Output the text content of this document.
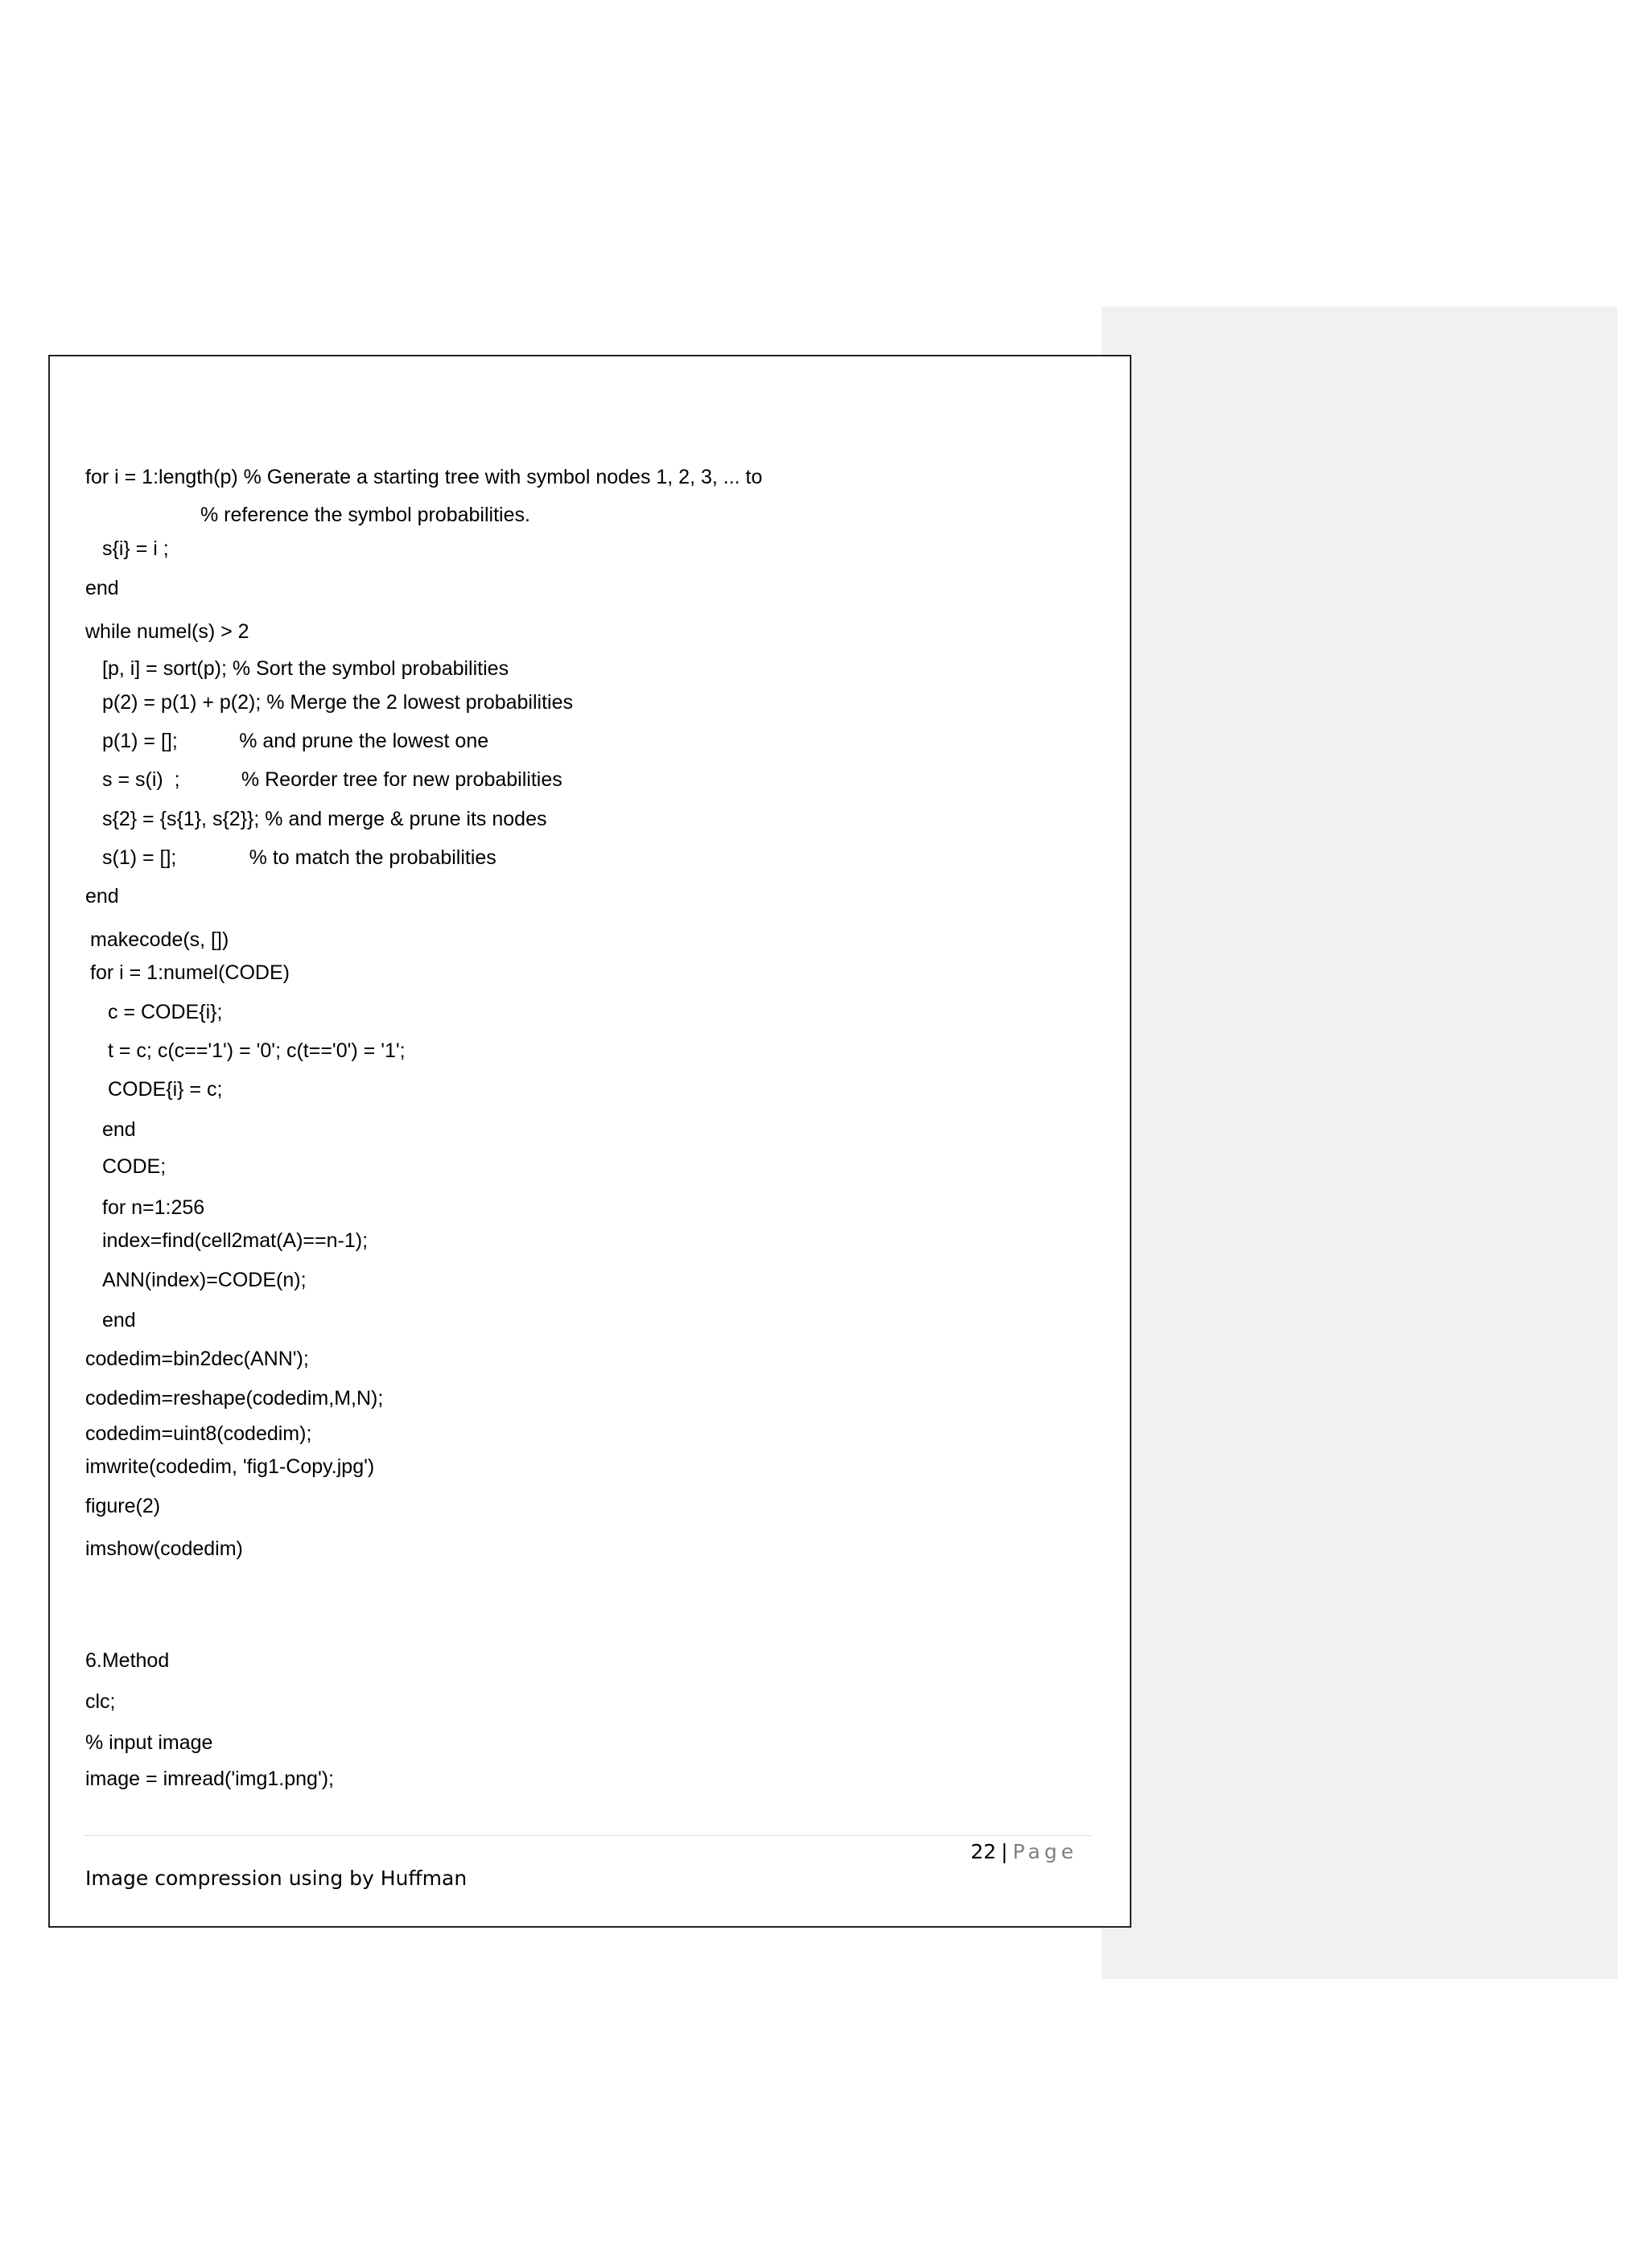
for i = 1:length(p) % Generate a starting tree with symbol nodes 1, 2, 3, ... to
% reference the symbol probabilities.
s{i} = i ;
end
while numel(s) > 2
[p, i] = sort(p); % Sort the symbol probabilities
p(2) = p(1) + p(2); % Merge the 2 lowest probabilities
p(1) = [];           % and prune the lowest one
s = s(i)  ;           % Reorder tree for new probabilities
s{2} = {s{1}, s{2}}; % and merge & prune its nodes
s(1) = [];             % to match the probabilities
end
makecode(s, [])
for i = 1:numel(CODE)
c = CODE{i};
t = c; c(c=='1') = '0'; c(t=='0') = '1';
CODE{i} = c;
end
CODE;
for n=1:256
index=find(cell2mat(A)==n-1);
ANN(index)=CODE(n);
end
codedim=bin2dec(ANN');
codedim=reshape(codedim,M,N);
codedim=uint8(codedim);
imwrite(codedim, 'fig1-Copy.jpg')
figure(2)
imshow(codedim)
6.Method
clc;
% input image
image = imread('img1.png');
22 | Page
Image compression using by Huffman
